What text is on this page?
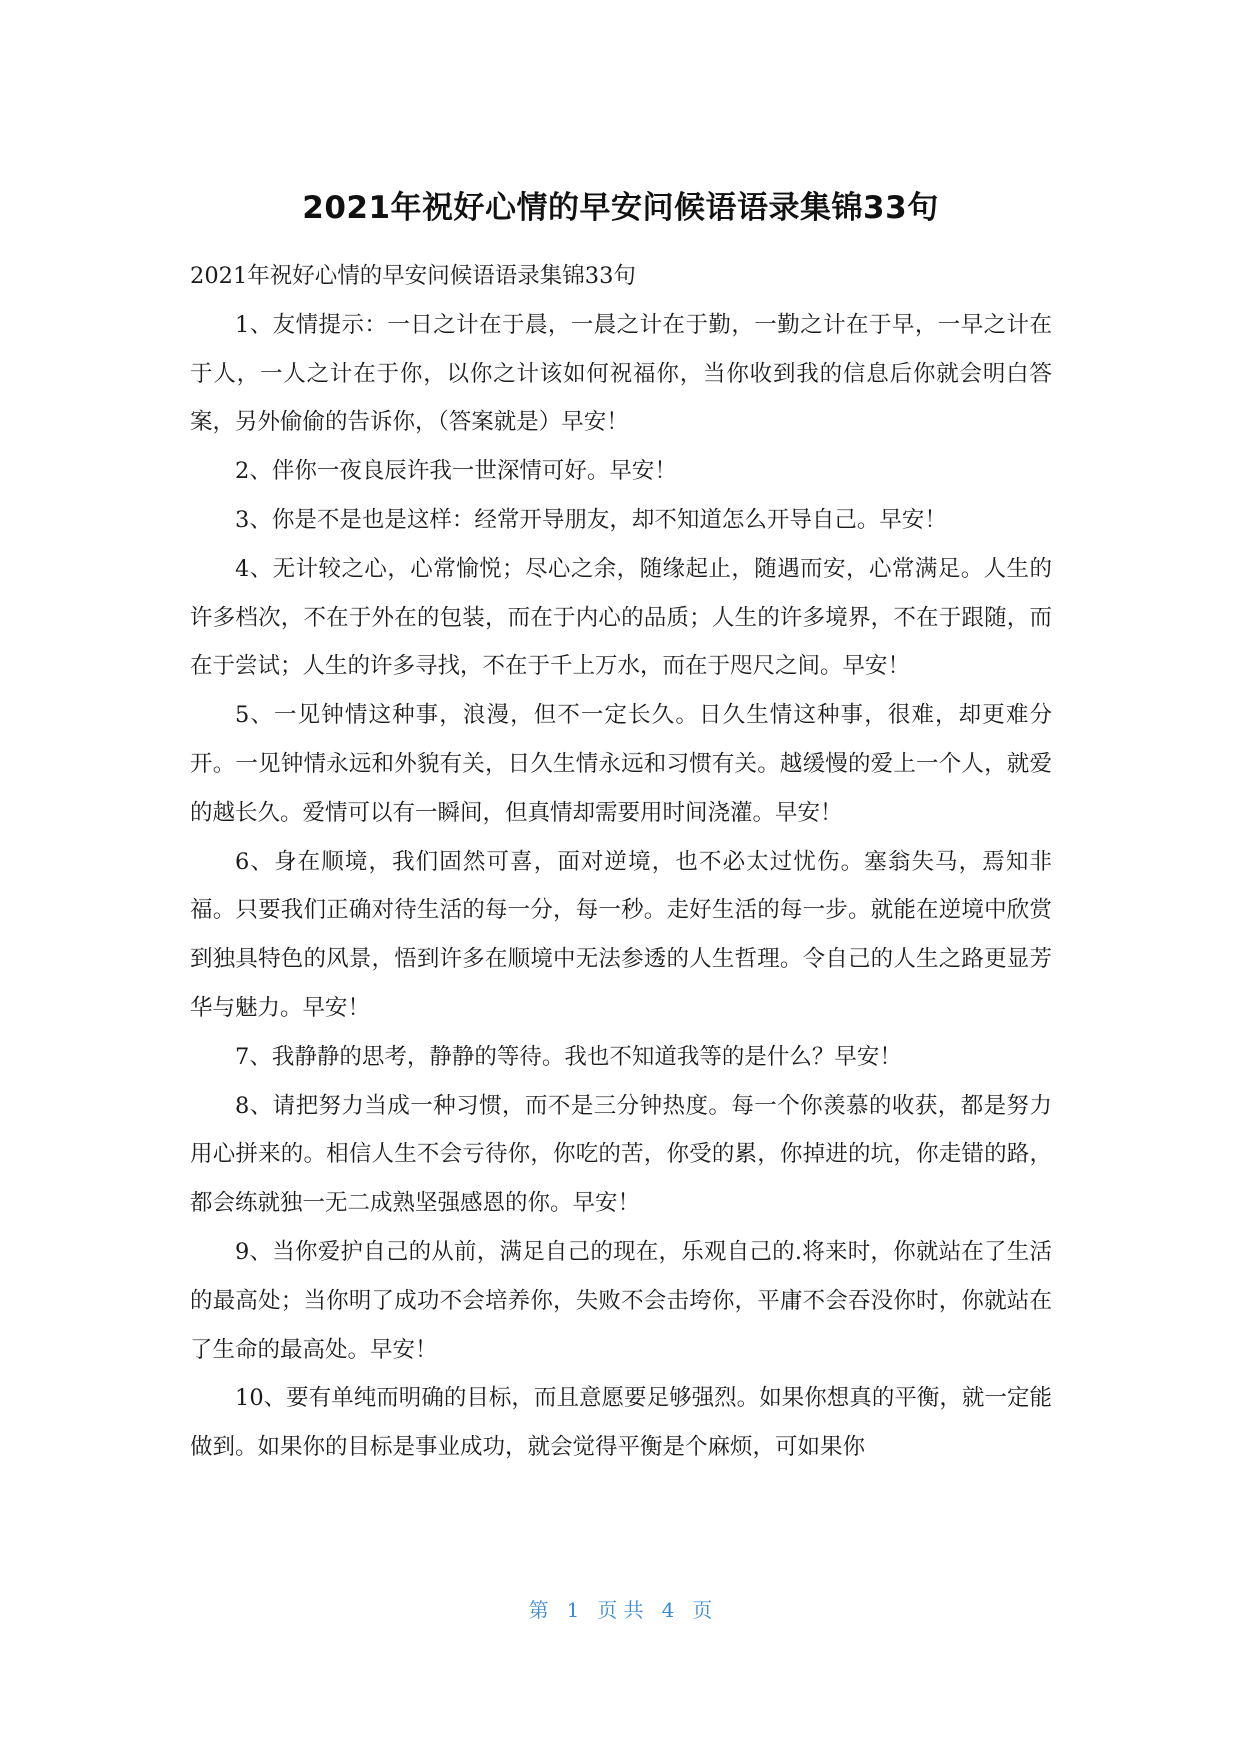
2021年祝好心情的早安问候语语录集锦33句

2021年祝好心情的早安问候语语录集锦33句

1、友情提示：一日之计在于晨，一晨之计在于勤，一勤之计在于早，一早之计在于人，一人之计在于你，以你之计该如何祝福你，当你收到我的信息后你就会明白答案，另外偷偷的告诉你，（答案就是）早安！

2、伴你一夜良辰许我一世深情可好。早安！

3、你是不是也是这样：经常开导朋友，却不知道怎么开导自己。早安！

4、无计较之心，心常愉悦；尽心之余，随缘起止，随遇而安，心常满足。人生的许多档次，不在于外在的包装，而在于内心的品质；人生的许多境界，不在于跟随，而在于尝试；人生的许多寻找，不在于千上万水，而在于咫尺之间。早安！

5、一见钟情这种事，浪漫，但不一定长久。日久生情这种事，很难，却更难分开。一见钟情永远和外貌有关，日久生情永远和习惯有关。越缓慢的爱上一个人，就爱的越长久。爱情可以有一瞬间，但真情却需要用时间浇灌。早安！

6、身在顺境，我们固然可喜，面对逆境，也不必太过忧伤。塞翁失马，焉知非福。只要我们正确对待生活的每一分，每一秒。走好生活的每一步。就能在逆境中欣赏到独具特色的风景，悟到许多在顺境中无法参透的人生哲理。令自己的人生之路更显芳华与魅力。早安！

7、我静静的思考，静静的等待。我也不知道我等的是什么？早安！

8、请把努力当成一种习惯，而不是三分钟热度。每一个你羡慕的收获，都是努力用心拼来的。相信人生不会亏待你，你吃的苦，你受的累，你掉进的坑，你走错的路，都会练就独一无二成熟坚强感恩的你。早安！

9、当你爱护自己的从前，满足自己的现在，乐观自己的.将来时，你就站在了生活的最高处；当你明了成功不会培养你，失败不会击垮你，平庸不会吞没你时，你就站在了生命的最高处。早安！

10、要有单纯而明确的目标，而且意愿要足够强烈。如果你想真的平衡，就一定能做到。如果你的目标是事业成功，就会觉得平衡是个麻烦，可如果你

第 1 页 共 4 页
